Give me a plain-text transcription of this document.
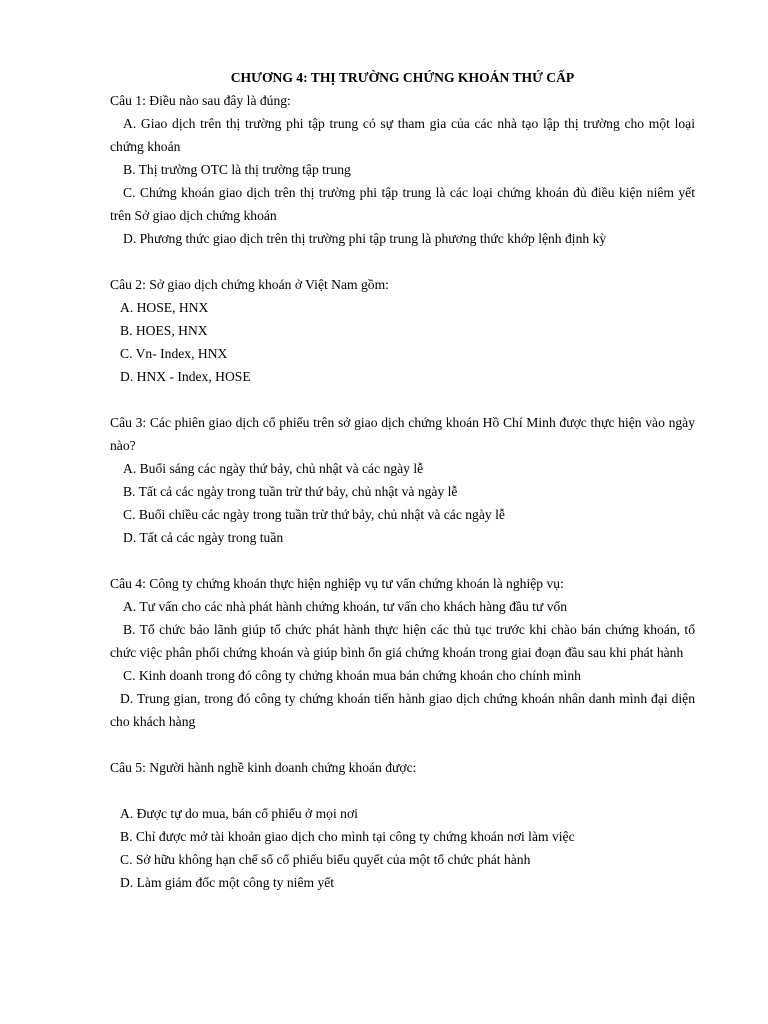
CHƯƠNG 4: THỊ TRƯỜNG CHỨNG KHOÁN THỨ CẤP

Câu 1: Điều nào sau đây là đúng:

A. Giao dịch trên thị trường phi tập trung có sự tham gia của các nhà tạo lập thị trường cho một loại chứng khoán

B. Thị trường OTC là thị trường tập trung

C. Chứng khoán giao dịch trên thị trường phi tập trung là các loại chứng khoán đủ điều kiện niêm yết trên Sở giao dịch chứng khoán

D. Phương thức giao dịch trên thị trường phi tập trung là phương thức khớp lệnh định kỳ

Câu 2: Sở giao dịch chứng khoán ở Việt Nam gồm:

A. HOSE, HNX

B. HOES, HNX

C. Vn- Index, HNX

D. HNX - Index, HOSE

Câu 3: Các phiên giao dịch cổ phiếu trên sở giao dịch chứng khoán Hồ Chí Minh được thực hiện vào ngày nào?

A. Buổi sáng các ngày thứ bảy, chủ nhật và các ngày lễ

B. Tất cả các ngày trong tuần trừ thứ bảy, chủ nhật và ngày lễ

C. Buổi chiều các ngày trong tuần trừ thứ bảy, chủ nhật và các ngày lễ

D. Tất cả các ngày trong tuần

Câu 4: Công ty chứng khoán thực hiện nghiệp vụ tư vấn chứng khoán là nghiệp vụ:

A. Tư vấn cho các nhà phát hành chứng khoán, tư vấn cho khách hàng đầu tư vốn

B. Tổ chức bảo lãnh giúp tổ chức phát hành thực hiện các thủ tục trước khi chào bán chứng khoán, tổ chức việc phân phối chứng khoán và giúp bình ổn giá chứng khoán trong giai đoạn đầu sau khi phát hành

C. Kinh doanh trong đó công ty chứng khoán mua bán chứng khoán cho chính mình

D. Trung gian, trong đó công ty chứng khoán tiến hành giao dịch chứng khoán nhân danh mình đại diện cho khách hàng

Câu 5: Người hành nghề kinh doanh chứng khoán được:

A. Được tự do mua, bán cổ phiếu ở mọi nơi

B. Chỉ được mở tài khoản giao dịch cho mình tại công ty chứng khoán nơi làm việc

C. Sở hữu không hạn chế số cổ phiếu biểu quyết của một tổ chức phát hành

D. Làm giám đốc một công ty niêm yết
